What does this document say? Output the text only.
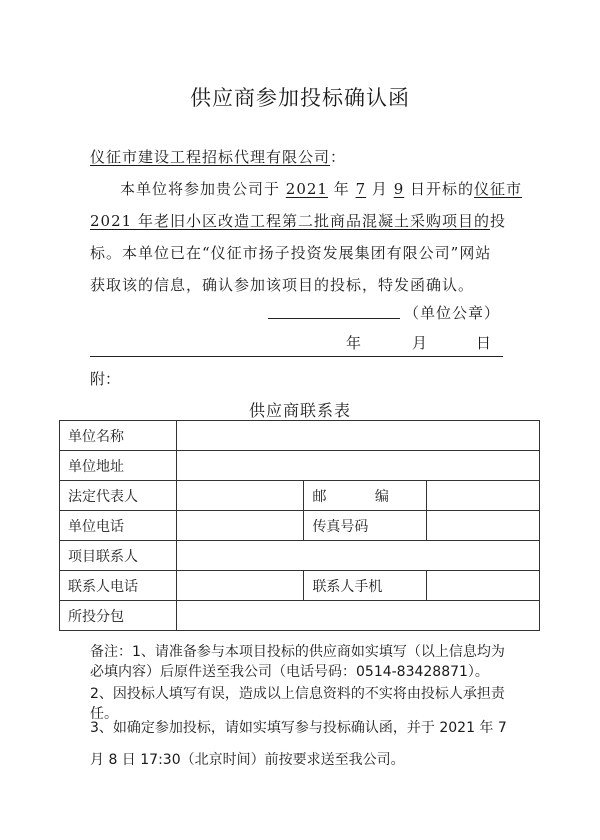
供应商参加投标确认函
仪征市建设工程招标代理有限公司：
本单位将参加贵公司于 2021 年 7 月 9 日开标的仪征市
2021 年老旧小区改造工程第二批商品混凝土采购项目的投
标。本单位已在“仪征市扬子投资发展集团有限公司”网站
获取该的信息，确认参加该项目的投标，特发函确认。
（单位公章）
年	月	日
附：
供应商联系表
单位名称			
单位地址			
法定代表人		邮 编	
单位电话		传真号码	
项目联系人			
联系人电话		联系人手机	
所投分包			
备注：1、请准备参与本项目投标的供应商如实填写（以上信息均为
必填内容）后原件送至我公司（电话号码：0514-83428871）。
2、因投标人填写有误，造成以上信息资料的不实将由投标人承担责
任。
3、如确定参加投标，请如实填写参与投标确认函，并于 2021 年 7
月 8 日 17:30（北京时间）前按要求送至我公司。
